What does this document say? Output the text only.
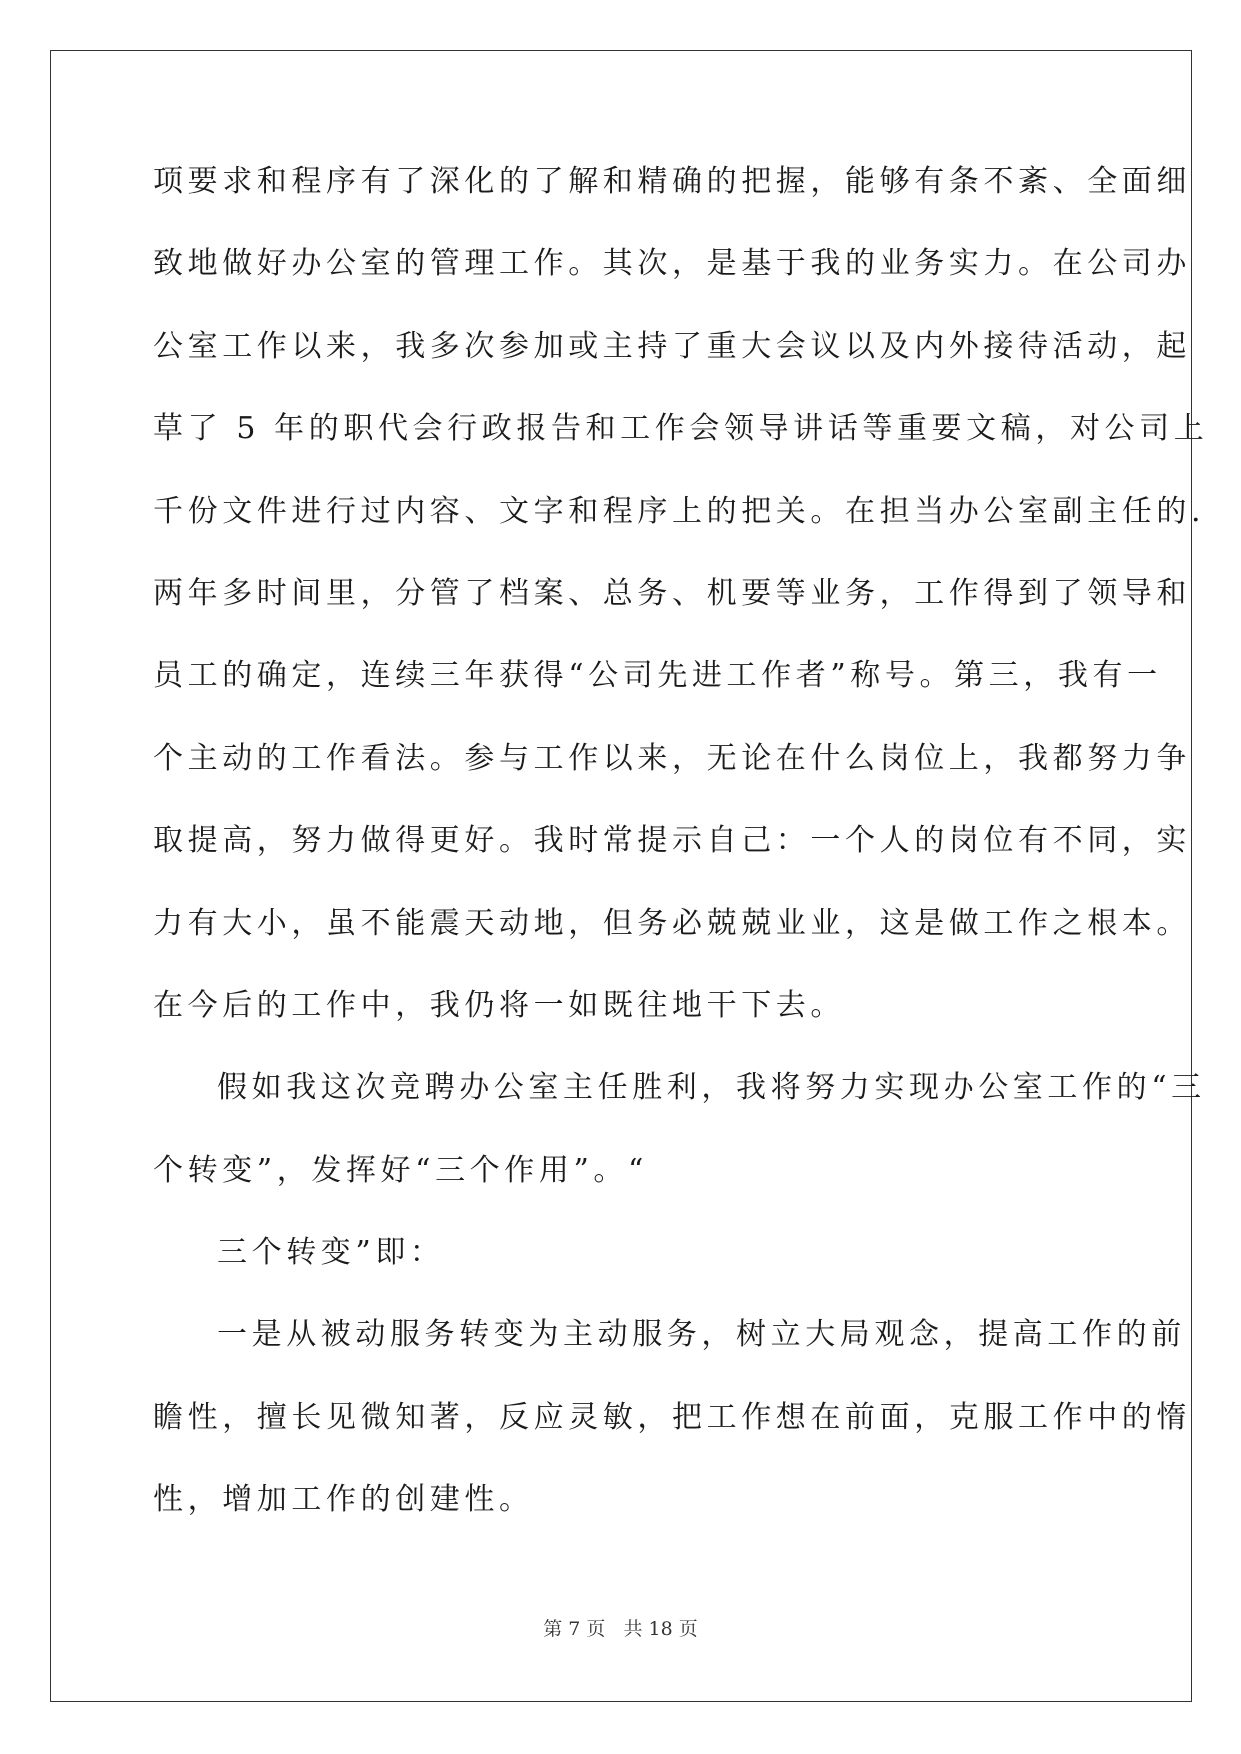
项要求和程序有了深化的了解和精确的把握，能够有条不紊、全面细
致地做好办公室的管理工作。其次，是基于我的业务实力。在公司办
公室工作以来，我多次参加或主持了重大会议以及内外接待活动，起
草了 5 年的职代会行政报告和工作会领导讲话等重要文稿，对公司上
千份文件进行过内容、文字和程序上的把关。在担当办公室副主任的.
两年多时间里，分管了档案、总务、机要等业务，工作得到了领导和
员工的确定，连续三年获得“公司先进工作者”称号。第三，我有一
个主动的工作看法。参与工作以来，无论在什么岗位上，我都努力争
取提高，努力做得更好。我时常提示自己：一个人的岗位有不同，实
力有大小，虽不能震天动地，但务必兢兢业业，这是做工作之根本。
在今后的工作中，我仍将一如既往地干下去。
假如我这次竞聘办公室主任胜利，我将努力实现办公室工作的“三
个转变”，发挥好“三个作用”。“
三个转变”即：
一是从被动服务转变为主动服务，树立大局观念，提高工作的前
瞻性，擅长见微知著，反应灵敏，把工作想在前面，克服工作中的惰
性，增加工作的创建性。
第 7 页   共 18 页
